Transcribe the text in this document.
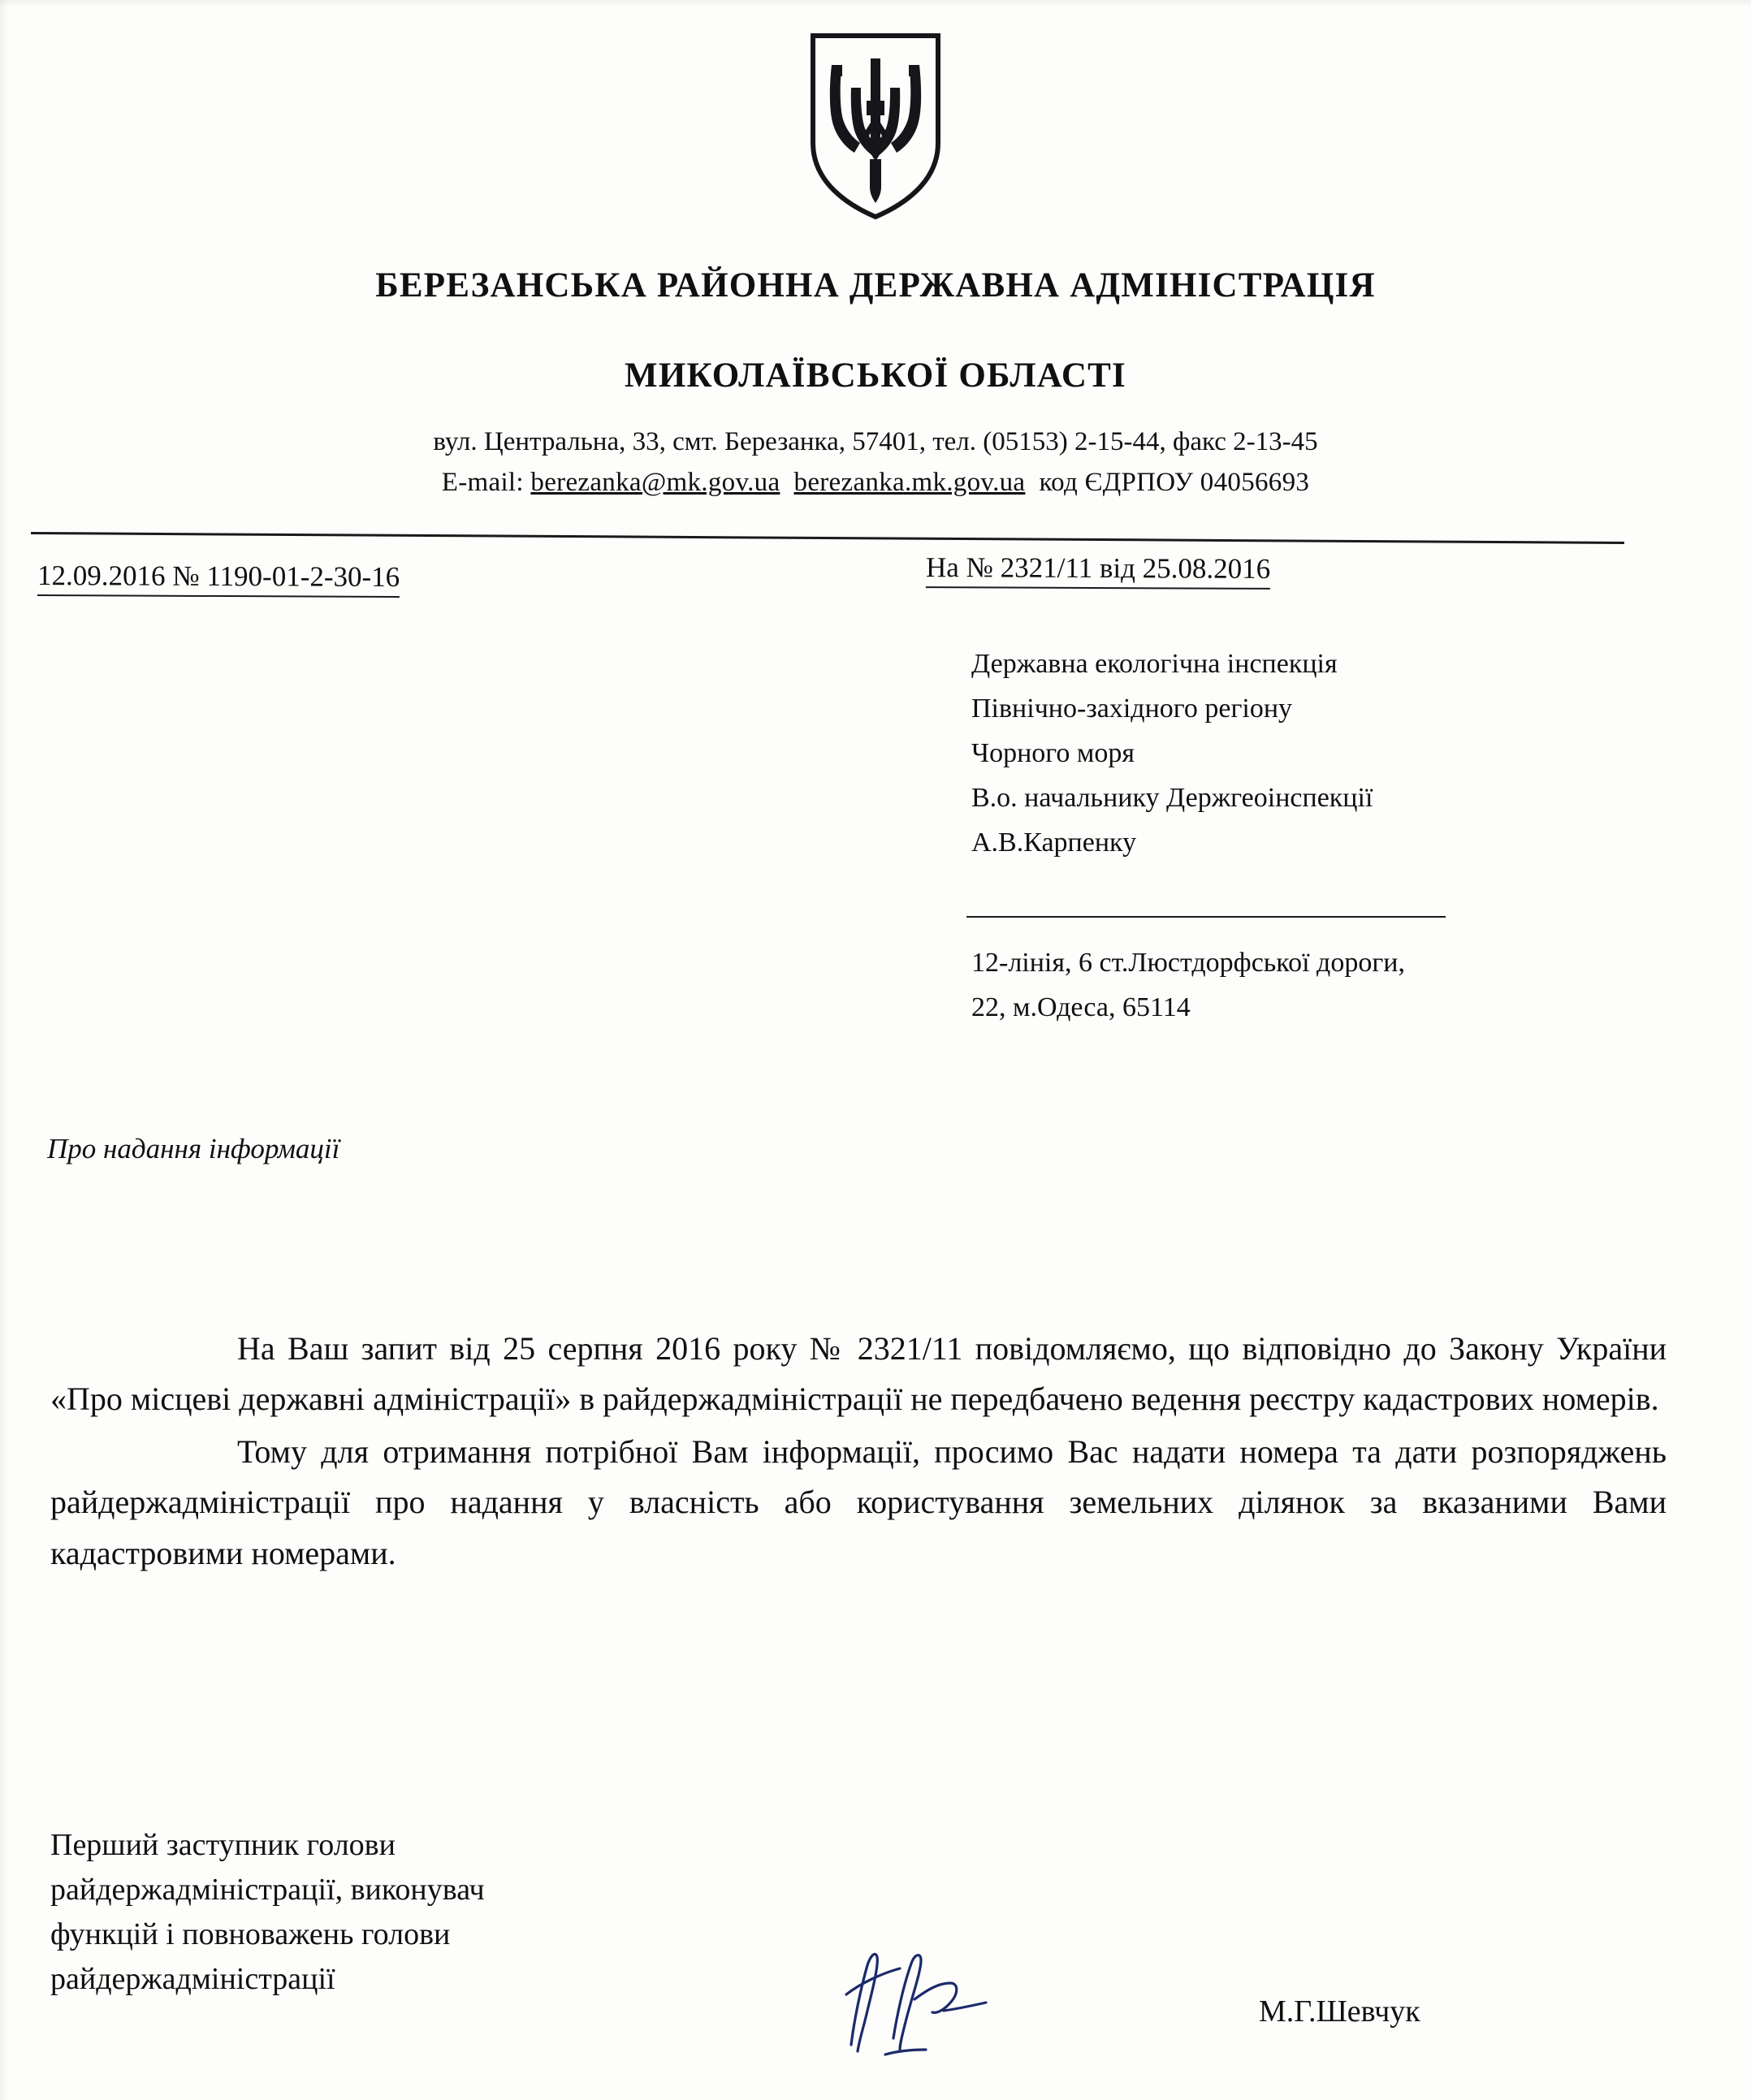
БЕРЕЗАНСЬКА РАЙОННА ДЕРЖАВНА АДМІНІСТРАЦІЯ
МИКОЛАЇВСЬКОЇ ОБЛАСТІ
вул. Центральна, 33, смт. Березанка, 57401, тел. (05153) 2-15-44, факс 2-13-45
E-mail: berezanka@mk.gov.ua berezanka.mk.gov.ua код ЄДРПОУ 04056693
12.09.2016 № 1190-01-2-30-16	На № 2321/11 від 25.08.2016
Державна екологічна інспекція
Північно-західного регіону
Чорного моря
В.о. начальнику Держгеоінспекції
А.В.Карпенку
12-лінія, 6 ст.Люстдорфської дороги,
22, м.Одеса, 65114
Про надання інформації

На Ваш запит від 25 серпня 2016 року № 2321/11 повідомляємо, що відповідно до Закону України «Про місцеві державні адміністрації» в райдержадміністрації не передбачено ведення реєстру кадастрових номерів.

Тому для отримання потрібної Вам інформації, просимо Вас надати номера та дати розпоряджень райдержадміністрації про надання у власність або користування земельних ділянок за вказаними Вами кадастровими номерами.

Перший заступник голови
райдержадміністрації, виконувач
функцій і повноважень голови
райдержадміністрації
М.Г.Шевчук
